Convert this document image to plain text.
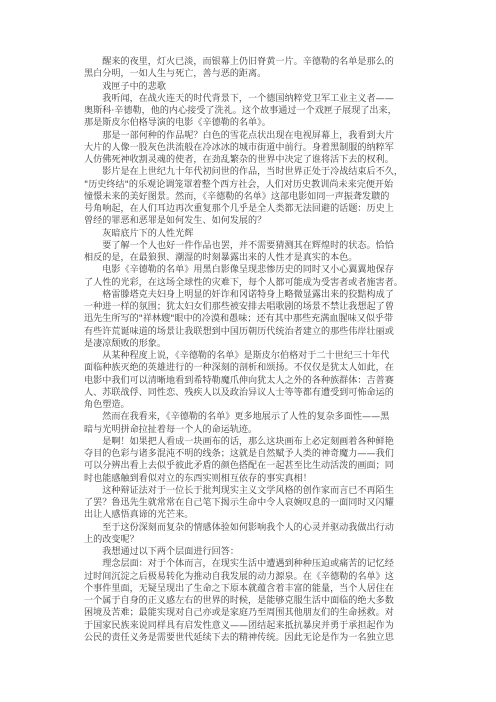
　　醒来的夜里，灯火已淡，而银幕上仍旧脊黄一片。辛德勒的名单是那么的
黑白分明，一如人生与死亡，善与恶的距离。
　　戏匣子中的悲歌
　　我听闻，在战火连天的时代背景下，一个德国纳粹党卫军工业主义者——
奥斯科·辛德勒，他的内心接受了洗礼。这个故事通过一个戏匣子展现了出来，
那是斯皮尔伯格导演的电影《辛德勒的名单》。
　　那是一部何种的作品呢？白色的雪花点状出现在电视屏幕上，我看到大片
大片的人像一股灰色洪流般在冷冰冰的城市街道中前行。身着黑制服的纳粹军
人仿佛死神收割灵魂的使者，在劲乱繁杂的世界中决定了谁将活下去的权利。
　　影片是在上世纪九十年代初问世的作品，当时世界正处于冷战结束后不久，
"历史终结"的乐观论调笼罩着整个西方社会，人们对历史教训尚未来完便开始
憧憬未来的美好图景。然而，《辛德勒的名单》这部电影如同一声振聋发聩的
号角响起，在人们耳边再次重复那个几乎是全人类都无法回避的话题：历史上
曾经的罪恶和恶罪是如何发生、如何发展的？
　　灰暗底片下的人性光辉
　　要了解一个人也好一件作品也罢，并不需要猜测其在辉煌时的状态。恰恰
相反的是，在最狼狈、潮湿的时刻暴露出来的人性才是真实的本色。
　　电影《辛德勒的名单》用黑白影像呈现悲惨历史的同时又小心翼翼地保存
了人性的光彩，在这场全球性的灾难下，每个人都可能成为受害者或者施害者。
　　格雷滕塔克夫妇身上明显的奸诈和冈诺特身上略微显露出来的狡黠构成了
一种进一样的氛围；犹太妇女们那些被安排去唱歌剧的场景不禁让我想起了曾
迅先生所写的"祥林嫂"眼中的冷漠和愚味；还有其中那些充满血腥味又似乎带
有些许荒诞味道的场景让我联想到中国历朝历代统治者建立的那些伟岸壮丽或
是凄凉颓败的形象。
　　从某种程度上说，《辛德勒的名单》是斯皮尔伯格对于二十世纪三十年代
面临种族灭绝的英雄进行的一种深刻的剖析和颂扬。不仅仅是犹太人如此，在
电影中我们可以清晰地看到希特勒魔爪伸向犹太人之外的各种族群体：吉普赛
人、苏联战俘、同性恋、残疾人以及政治异议人士等等都有遭受到可怖命运的
角色塑造。
　　然而在我看来，《辛德勒的名单》更多地展示了人性的复杂多面性——黑
暗与光明拼命拉扯着每一个人的命运轨迹。
　　是啊！如果把人看成一块画布的话，那么这块画布上必定刻画着各种鲜艳
夺目的色彩与诸多混沌不明的线条；这就是自然赋予人类的神奇魔力——我们
可以分辨出看上去似乎彼此矛盾的颜色搭配在一起甚至比生动活泼的画面；同
时也能感触到看似对立的东西实则相互依存的事实真相！
　　这种辩证法对于一位长于批判现实主义文学风格的创作家而言已不再陌生
了罢？鲁迅先生就常常在自己笔下揭示生命中令人哀婉叹息的一面同时又闪耀
出让人感悟真谛的光芒来。
　　至于这份深刻而复杂的情感体验如何影响我个人的心灵并驱动我做出行动
上的改变呢？
　　我想通过以下两个层面进行回答：
　　理念层面：对于个体而言，在现实生活中遭遇到种种压迫或痛苦的记忆经
过时间沉淀之后极易转化为推动自我发展的动力源泉。在《辛德勒的名单》这
个事件里面，无疑呈现出了生命之下原本就蕴含着丰富的能量，当个人居住在
一个属于自身的正义感左右的世界的时候，是能够克服生活中面临的绝大多数
困境及苦难；最能实现对自己亦或是家庭乃至周围其他朋友们的生命拯救。对
于国家民族来说同样具有启发性意义——团结起来抵抗暴戾并勇于承担起作为
公民的责任义务是需要世代延续下去的精神传统。因此无论是作为一名独立思
